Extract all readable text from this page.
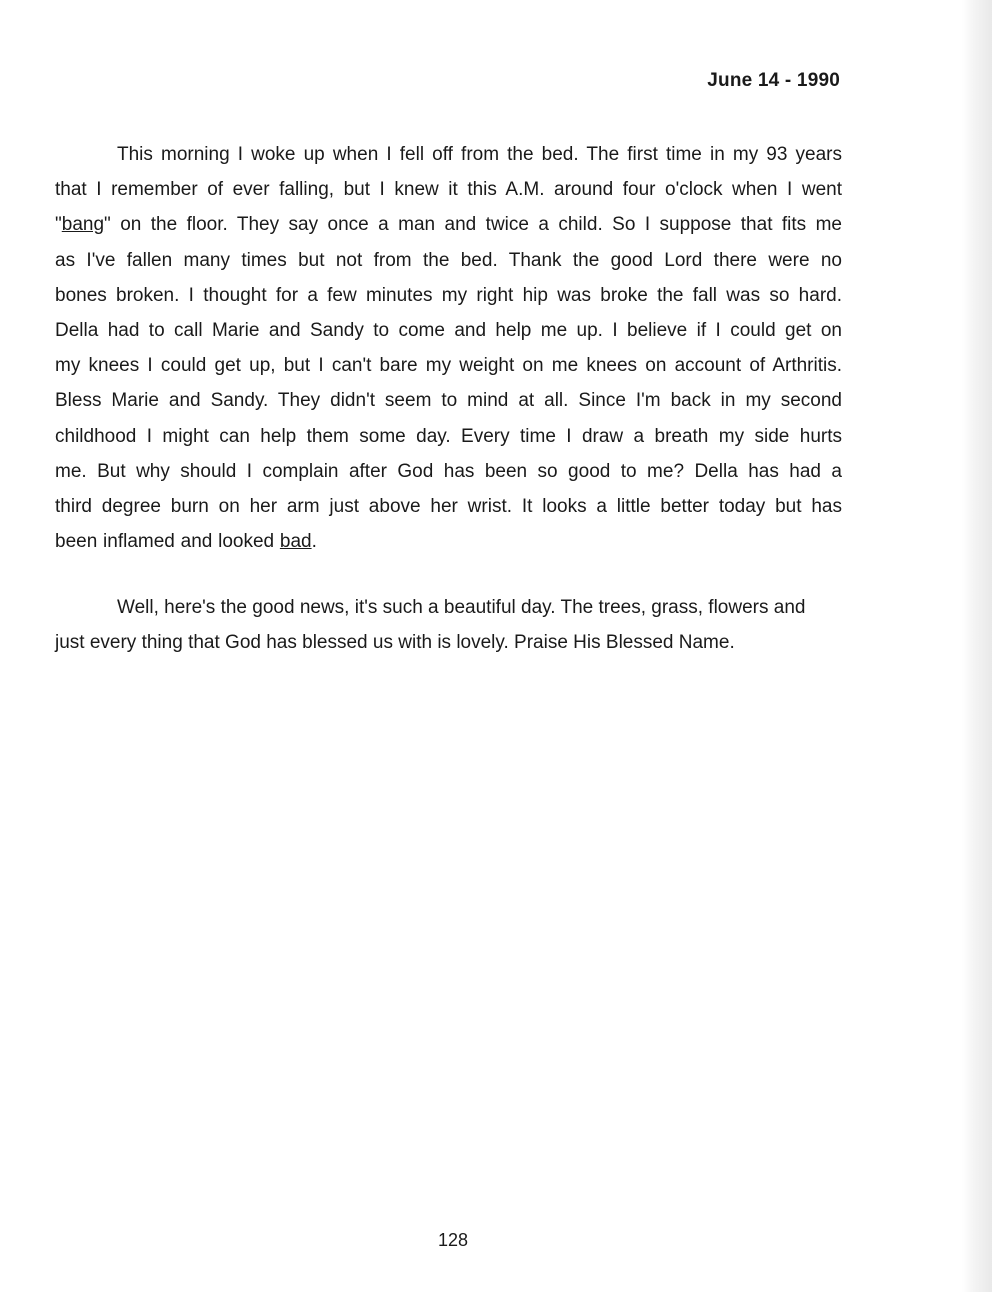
June 14 - 1990
This morning I woke up when I fell off from the bed. The first time in my 93 years
that I remember of ever falling, but I knew it this A.M. around four o'clock when I went
"bang" on the floor. They say once a man and twice a child. So I suppose that fits me
as I've fallen many times but not from the bed. Thank the good Lord there were no
bones broken. I thought for a few minutes my right hip was broke the fall was so hard.
Della had to call Marie and Sandy to come and help me up. I believe if I could get on
my knees I could get up, but I can't bare my weight on me knees on account of Arthritis.
Bless Marie and Sandy. They didn't seem to mind at all. Since I'm back in my second
childhood I might can help them some day. Every time I draw a breath my side hurts
me. But why should I complain after God has been so good to me? Della has had a
third degree burn on her arm just above her wrist. It looks a little better today but has
been inflamed and looked bad.
Well, here's the good news, it's such a beautiful day. The trees, grass, flowers and
just every thing that God has blessed us with is lovely. Praise His Blessed Name.
128
